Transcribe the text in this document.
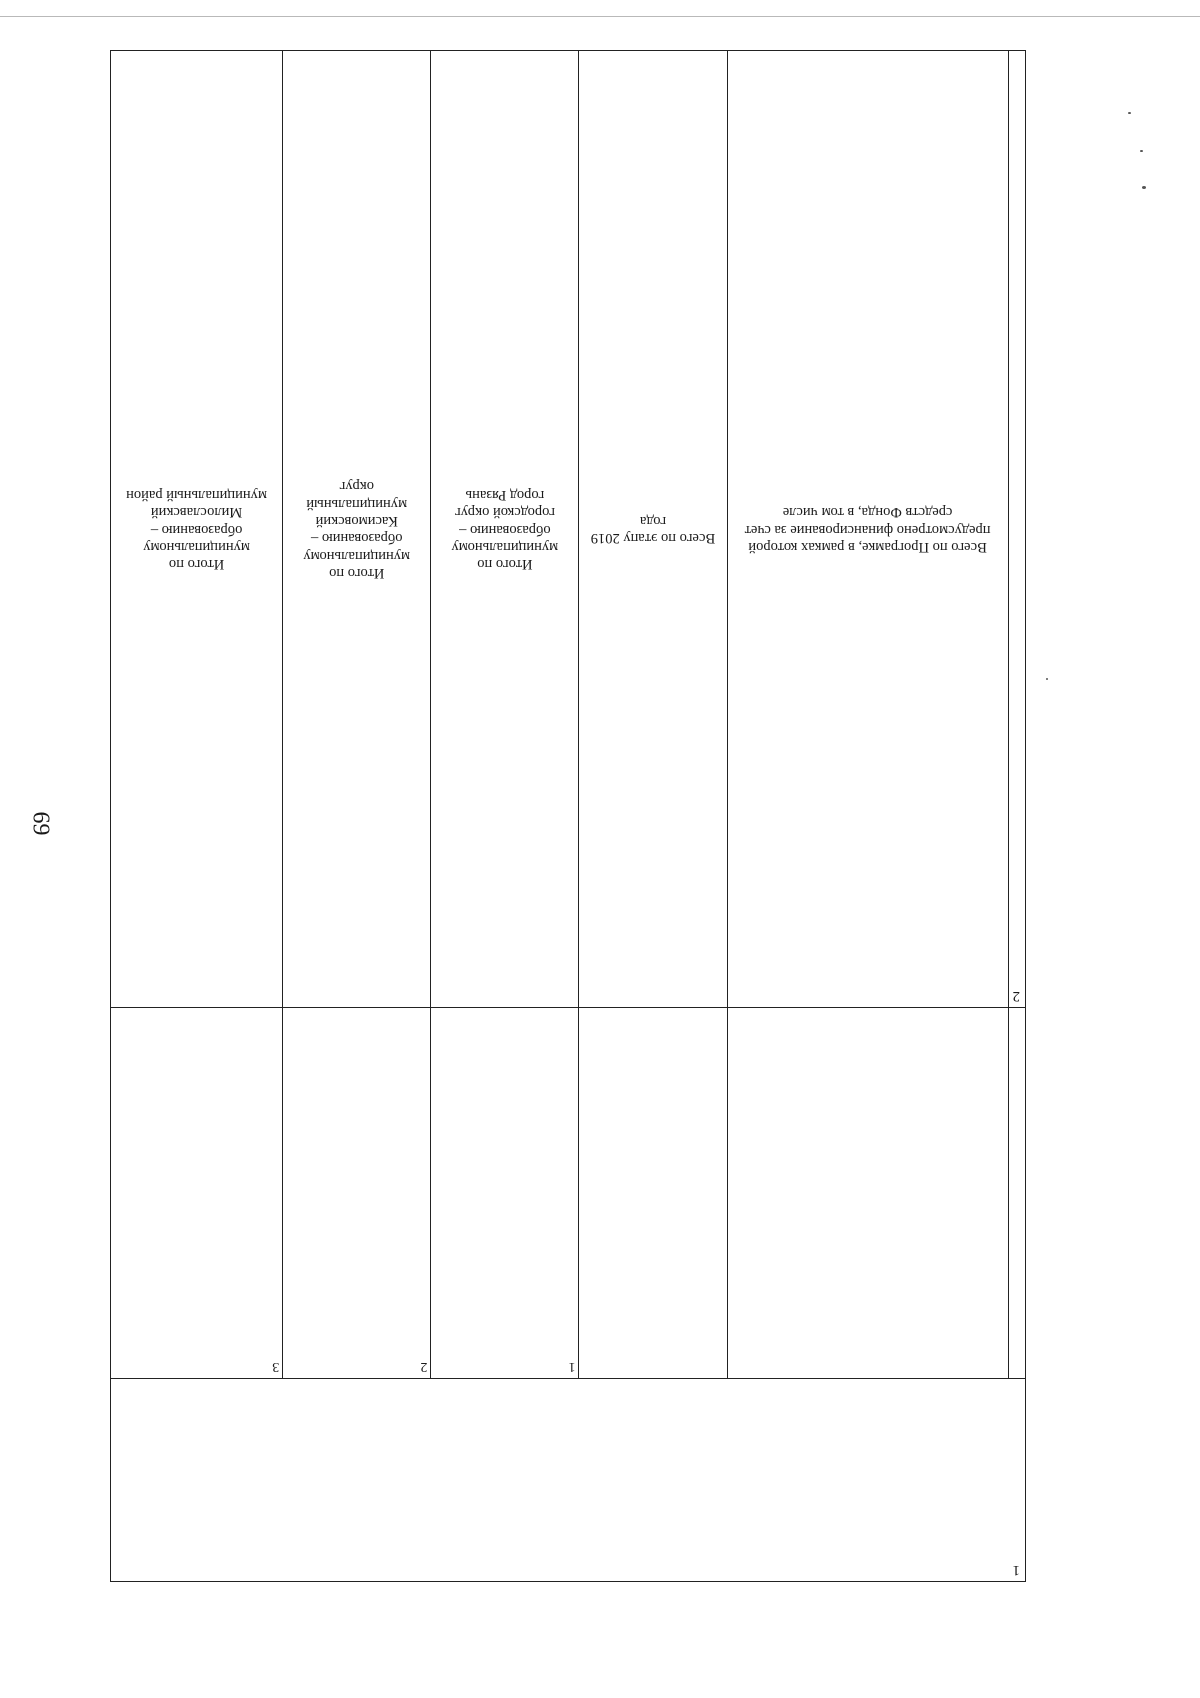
69
1					
			1	2	3
2	Всего по Програмке, в рамках которой предусмотрено финансирование за счет средств Фонда, в том числе	Всего по этапу 2019 года	Итого по муниципальному образованию – городской округ город Рязань	Итого по муниципальному образованию – Касимовский муниципальный округ	Итого по муниципальному образованию – Милославский муниципальный район
